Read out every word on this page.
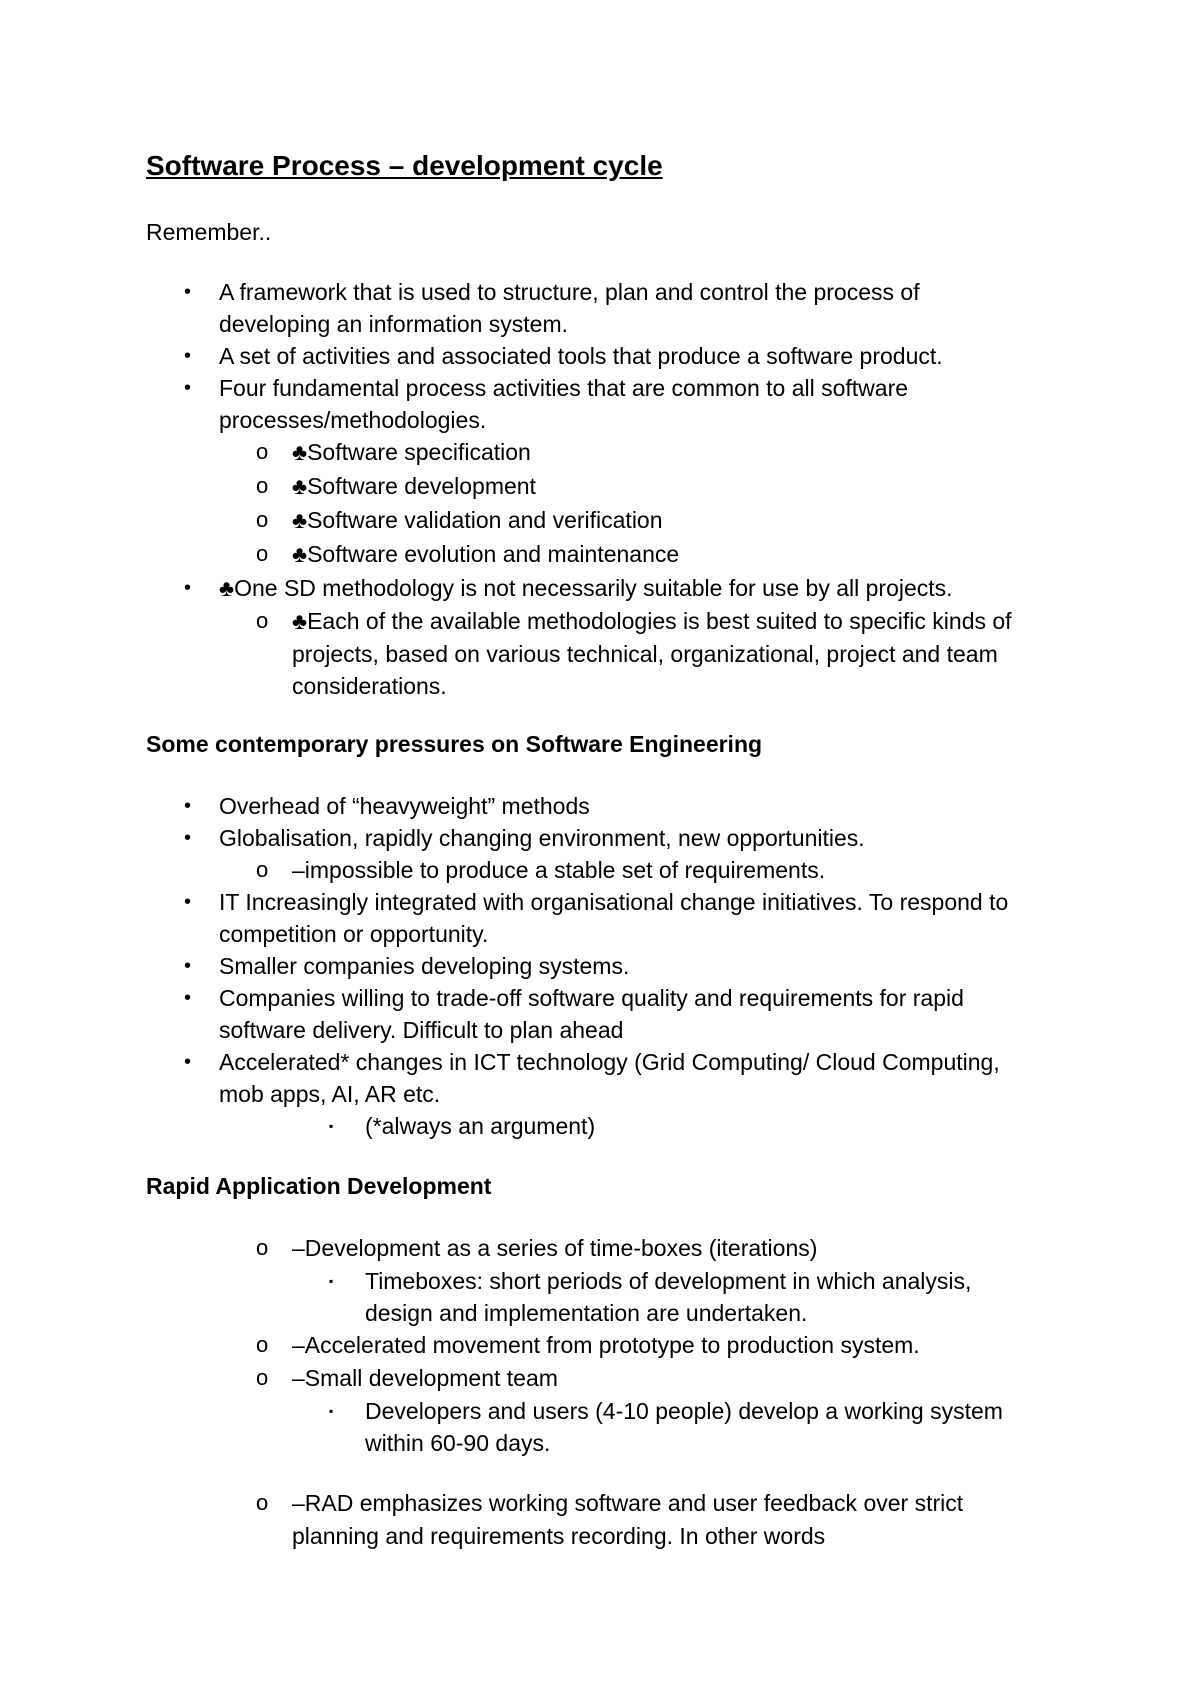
Software Process – development cycle
Remember..
• A framework that is used to structure, plan and control the process of
developing an information system.
• A set of activities and associated tools that produce a software product.
• Four fundamental process activities that are common to all software
processes/methodologies.
o ♣Software specification
o ♣Software development
o ♣Software validation and verification
o ♣Software evolution and maintenance
• ♣One SD methodology is not necessarily suitable for use by all projects.
o ♣Each of the available methodologies is best suited to specific kinds of
projects, based on various technical, organizational, project and team
considerations.
Some contemporary pressures on Software Engineering
• Overhead of “heavyweight” methods
• Globalisation, rapidly changing environment, new opportunities.
o –impossible to produce a stable set of requirements.
• IT Increasingly integrated with organisational change initiatives. To respond to
competition or opportunity.
• Smaller companies developing systems.
• Companies willing to trade-off software quality and requirements for rapid
software delivery. Difficult to plan ahead
• Accelerated* changes in ICT technology (Grid Computing/ Cloud Computing,
mob apps, AI, AR etc.
▪ (*always an argument)
Rapid Application Development
o –Development as a series of time-boxes (iterations)
▪ Timeboxes: short periods of development in which analysis,
design and implementation are undertaken.
o –Accelerated movement from prototype to production system.
o –Small development team
▪ Developers and users (4-10 people) develop a working system
within 60-90 days.
o –RAD emphasizes working software and user feedback over strict
planning and requirements recording. In other words
